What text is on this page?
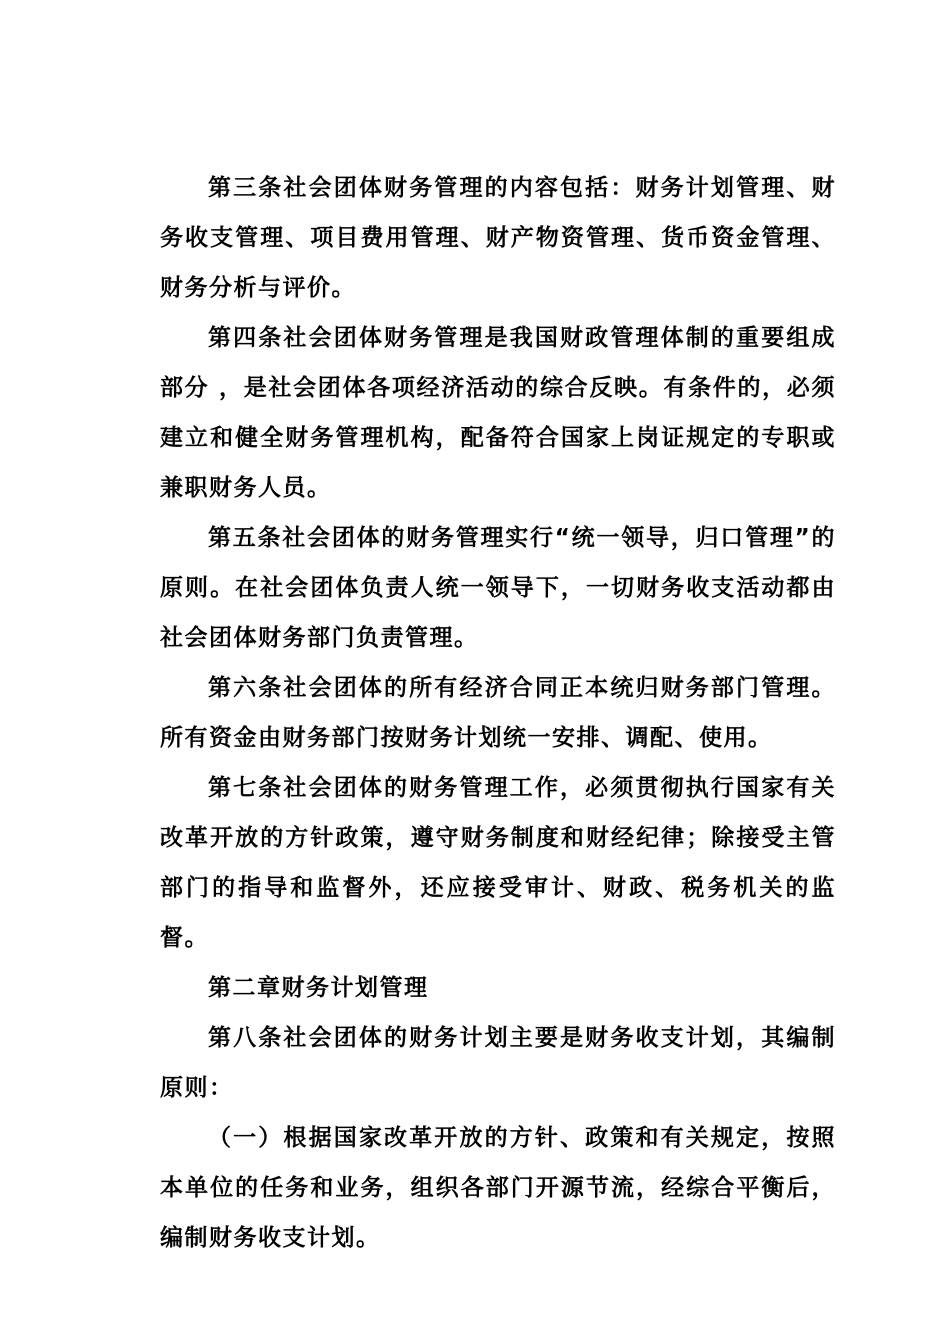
第三条社会团体财务管理的内容包括：财务计划管理、财务收支管理、项目费用管理、财产物资管理、货币资金管理、财务分析与评价。

第四条社会团体财务管理是我国财政管理体制的重要组成部分 ，是社会团体各项经济活动的综合反映。有条件的，必须建立和健全财务管理机构，配备符合国家上岗证规定的专职或兼职财务人员。

第五条社会团体的财务管理实行“统一领导，归口管理”的原则。在社会团体负责人统一领导下，一切财务收支活动都由社会团体财务部门负责管理。

第六条社会团体的所有经济合同正本统归财务部门管理。所有资金由财务部门按财务计划统一安排、调配、使用。

第七条社会团体的财务管理工作，必须贯彻执行国家有关改革开放的方针政策，遵守财务制度和财经纪律；除接受主管部门的指导和监督外，还应接受审计、财政、税务机关的监督。

第二章财务计划管理

第八条社会团体的财务计划主要是财务收支计划，其编制原则：

（一）根据国家改革开放的方针、政策和有关规定，按照本单位的任务和业务，组织各部门开源节流，经综合平衡后，编制财务收支计划。
